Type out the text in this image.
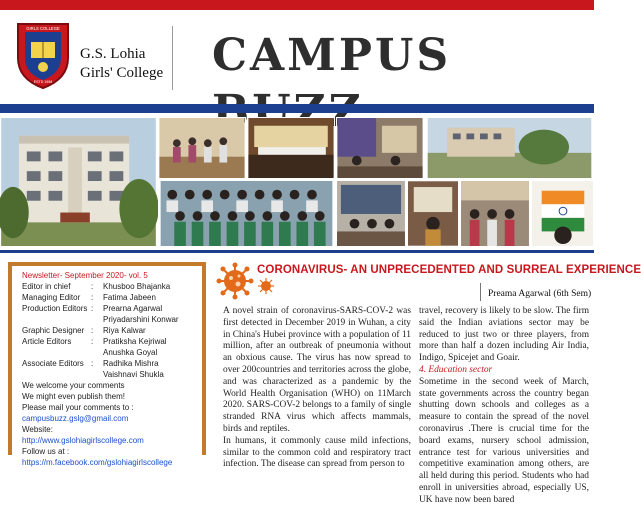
GIRLS COLLEGE
ESTD 1998
G.S. Lohia
Girls' College CAMPUS
Newsletter- September 2020- vol. 5
Editor in chief	:	Khusboo Bhajanka
Managing Editor	:	Fatima Jabeen
Production Editors :	Prearna Agarwal
Priyadarshini Konwar
Graphic Designer :	Riya Kalwar
Article Editors	:	Pratiksha Kejriwal
Anushka Goyal
Associate Editors :	Radhika Mishra
Vaishnavi Shukla
We welcome your comments
We might even publish them!
Please mail your comments to :
campusbuzz.gslg@gmail.com
Website:
http://www.gslohiagirlscollege.com
Follow us at :
https://m.facebook.com/gslohiagirlscollege
CORONAVIRUS- AN UNPRECEDENTED AND SURREAL EXPERIENCE
Preama Agarwal (6th Sem)

A novel strain of coronavirus-SARS-COV-2 was first detected in December 2019 in Wuhan, a city in China's Hubei province with a population of 11 million, after an outbreak of pneumonia without an obxious cause. The virus has now spread to over 200countries and territories across the globe, and was characterized as a pandemic by the World Health Organisation (WHO) on 11March 2020. SARS-COV-2 belongs to a family of single stranded RNA virus which affects mammals, birds and reptiles.

In humans, it commonly cause mild infections, similar to the common cold and respiratory tract infection. The disease can spread from person to

travel, recovery is likely to be slow. The firm said the Indian aviations sector may be reduced to just two or three players, from more than half a dozen including Air India, Indigo, Spicejet and Goair.

4. Education sector

Sometime in the second week of March, state governments across the country began shutting down schools and colleges as a measure to contain the spread of the novel coronavirus .There is crucial time for the board exams, nursery school admission, entrance test for various universities and competitive examination among others, are all held during this period. Students who had enroll in universities abroad, especially US, UK have now been bared
